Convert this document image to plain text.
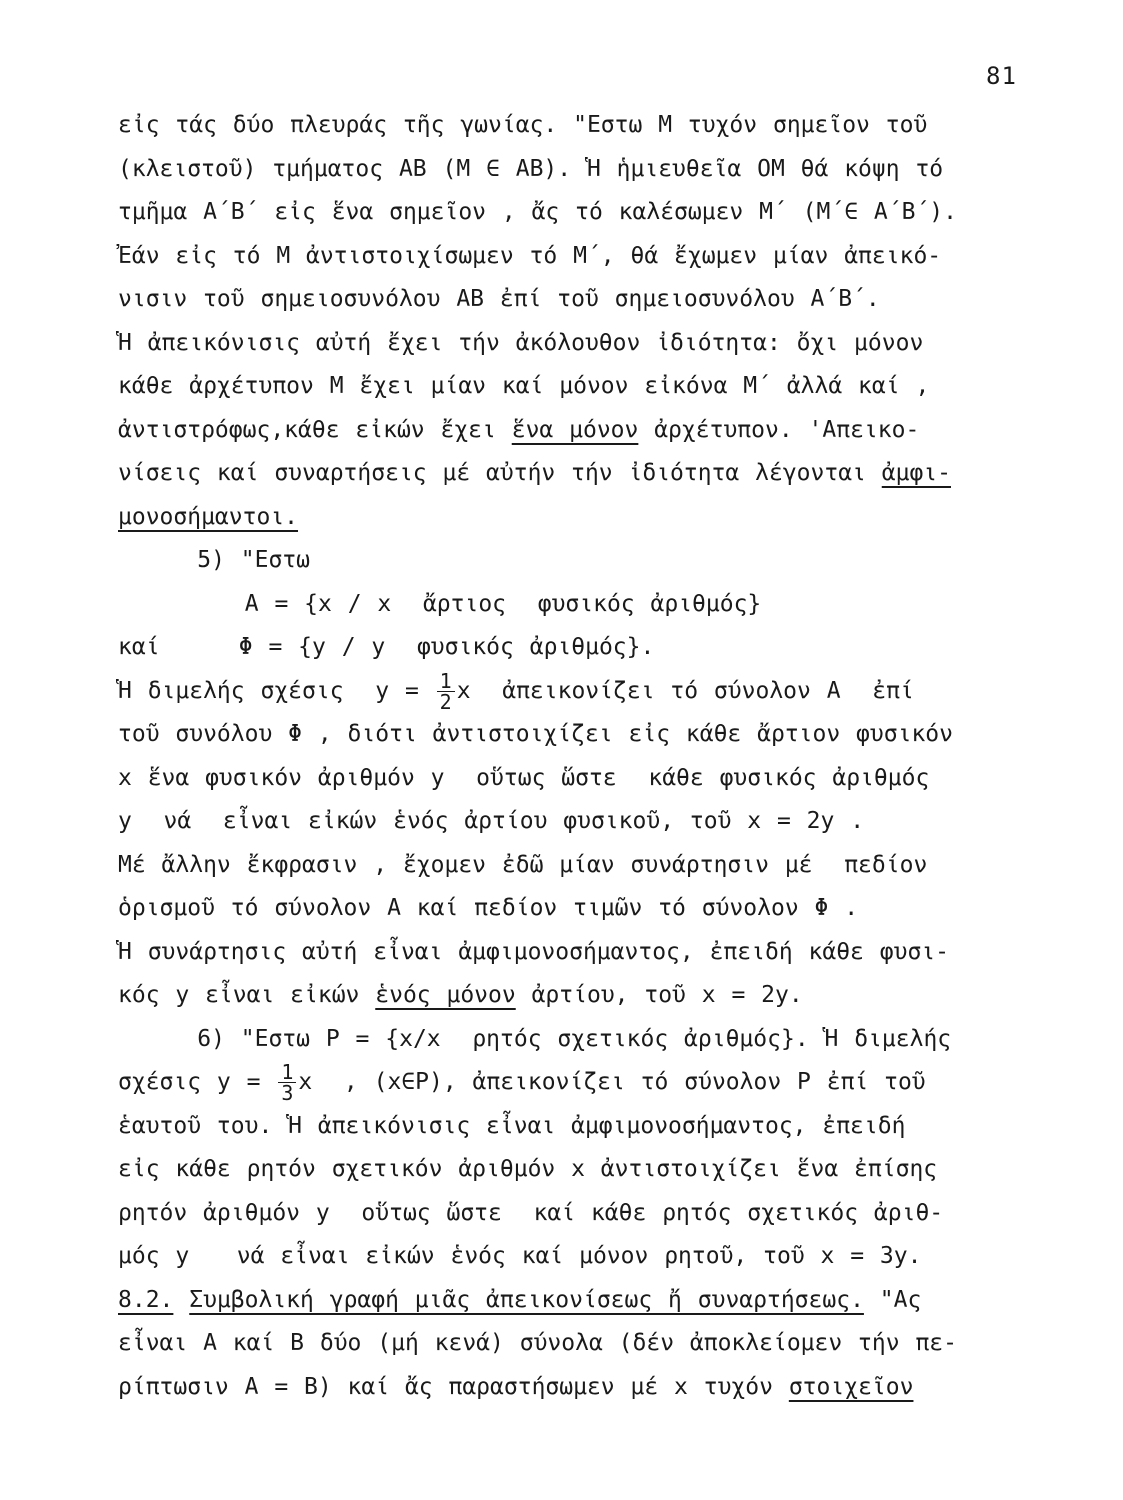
81
εἰς τάς δύο πλευράς τῆς γωνίας. "Εστω Μ τυχόν σημεῖον τοῦ
(κλειστοῦ) τμήματος ΑΒ (Μ ∈ ΑΒ). Ἡ ἡμιευθεῖα ΟΜ θά κόψη τό
τμῆμα Α΄Β΄ εἰς ἕνα σημεῖον , ἄς τό καλέσωμεν Μ΄ (Μ΄∈ Α΄Β΄).
Ἐάν εἰς τό Μ ἀντιστοιχίσωμεν τό Μ΄, θά ἔχωμεν μίαν ἀπεικό-
νισιν τοῦ σημειοσυνόλου ΑΒ ἐπί τοῦ σημειοσυνόλου Α΄Β΄.
Ἡ ἀπεικόνισις αὐτή ἔχει τήν ἀκόλουθον ἰδιότητα: ὄχι μόνον
κάθε ἀρχέτυπον Μ ἔχει μίαν καί μόνον εἰκόνα Μ΄ ἀλλά καί ,
ἀντιστρόφως,κάθε εἰκών ἔχει ἕνα μόνον ἀρχέτυπον. 'Απεικο-
νίσεις καί συναρτήσεις μέ αὐτήν τήν ἰδιότητα λέγονται ἀμφι-
μονοσήμαντοι.
5) "Εστω
Α = {x / x  ἄρτιος  φυσικός ἀριθμός}
καί     Φ = {y / y  φυσικός ἀριθμός}.
Ἡ διμελής σχέσις  $y = \frac{1}{2}$ x  ἀπεικονίζει τό σύνολον Α  ἐπί
τοῦ συνόλου Φ , διότι ἀντιστοιχίζει εἰς κάθε ἄρτιον φυσικόν
x ἕνα φυσικόν ἀριθμόν y  οὕτως ὥστε  κάθε φυσικός ἀριθμός
y  νά  εἶναι εἰκών ἑνός ἀρτίου φυσικοῦ, τοῦ x = 2y .
Μέ ἄλλην ἔκφρασιν , ἔχομεν ἐδῶ μίαν συνάρτησιν μέ  πεδίον
ὁρισμοῦ τό σύνολον Α καί πεδίον τιμῶν τό σύνολον Φ .
Ἡ συνάρτησις αὐτή εἶναι ἀμφιμονοσήμαντος, ἐπειδή κάθε φυσι-
κός y εἶναι εἰκών ἑνός μόνον ἀρτίου, τοῦ x = 2y.
6) "Εστω Ρ = {x/x  ρητός σχετικός ἀριθμός}. Ἡ διμελής
σχέσις $y = \frac{1}{3}$ x  , (x∈Ρ), ἀπεικονίζει τό σύνολον Ρ ἐπί τοῦ
ἑαυτοῦ του. Ἡ ἀπεικόνισις εἶναι ἀμφιμονοσήμαντος, ἐπειδή
εἰς κάθε ρητόν σχετικόν ἀριθμόν x ἀντιστοιχίζει ἕνα ἐπίσης
ρητόν ἀριθμόν y  οὕτως ὥστε  καί κάθε ρητός σχετικός ἀριθ-
μός y   νά εἶναι εἰκών ἑνός καί μόνον ρητοῦ, τοῦ x = 3y.
8.2. Συμβολική γραφή μιᾶς ἀπεικονίσεως ἤ συναρτήσεως. "Ας
εἶναι Α καί Β δύο (μή κενά) σύνολα (δέν ἀποκλείομεν τήν πε-
ρίπτωσιν Α = Β) καί ἄς παραστήσωμεν μέ x τυχόν στοιχεῖον
